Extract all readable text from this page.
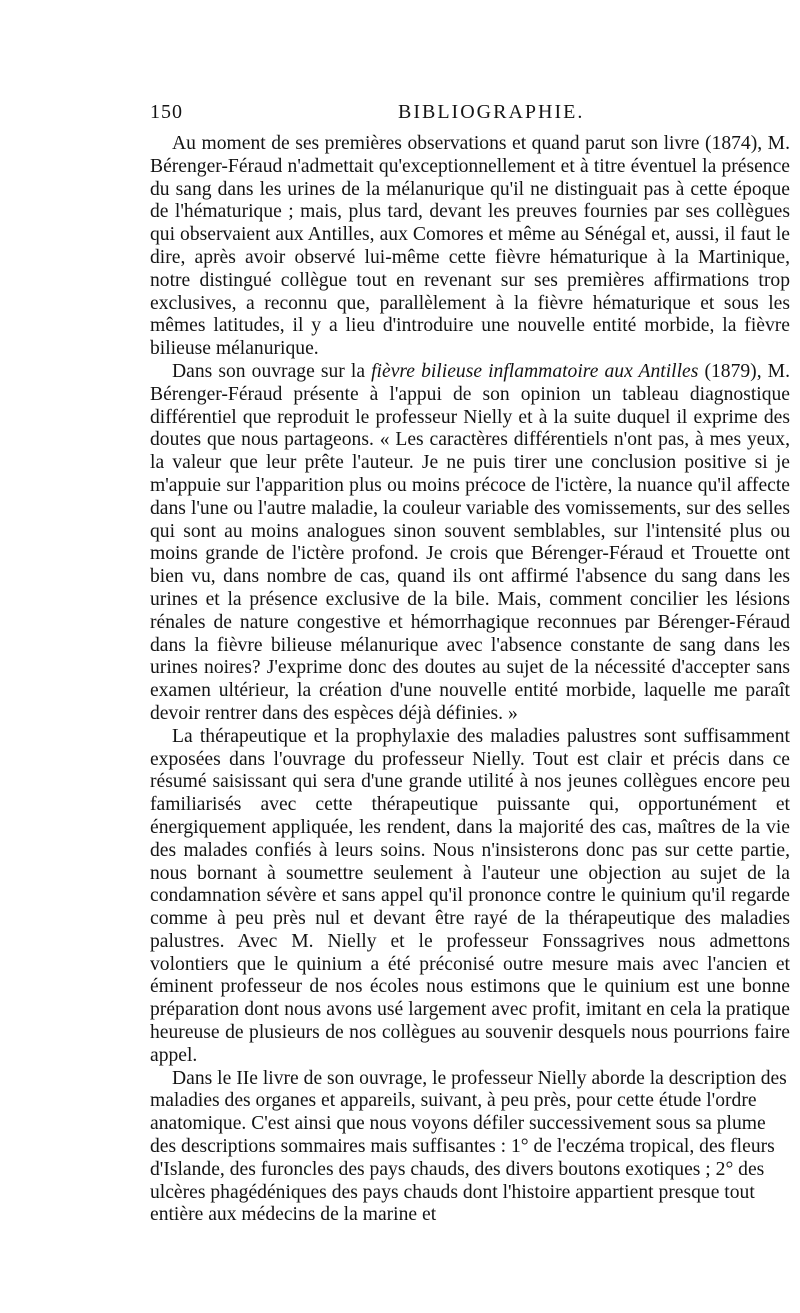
150	BIBLIOGRAPHIE.

Au moment de ses premières observations et quand parut son livre (1874), M. Bérenger-Féraud n'admettait qu'exceptionnellement et à titre éventuel la présence du sang dans les urines de la mélanurique qu'il ne distinguait pas à cette époque de l'hématurique ; mais, plus tard, devant les preuves fournies par ses collègues qui observaient aux Antilles, aux Comores et même au Sénégal et, aussi, il faut le dire, après avoir observé lui-même cette fièvre hématurique à la Martinique, notre distingué collègue tout en revenant sur ses premières affirmations trop exclusives, a reconnu que, parallèlement à la fièvre hématurique et sous les mêmes latitudes, il y a lieu d'introduire une nouvelle entité morbide, la fièvre bilieuse mélanurique.

Dans son ouvrage sur la fièvre bilieuse inflammatoire aux Antilles (1879), M. Bérenger-Féraud présente à l'appui de son opinion un tableau diagnostique différentiel que reproduit le professeur Nielly et à la suite duquel il exprime des doutes que nous partageons. « Les caractères différentiels n'ont pas, à mes yeux, la valeur que leur prête l'auteur. Je ne puis tirer une conclusion positive si je m'appuie sur l'apparition plus ou moins précoce de l'ictère, la nuance qu'il affecte dans l'une ou l'autre maladie, la couleur variable des vomissements, sur des selles qui sont au moins analogues sinon souvent semblables, sur l'intensité plus ou moins grande de l'ictère profond. Je crois que Bérenger-Féraud et Trouette ont bien vu, dans nombre de cas, quand ils ont affirmé l'absence du sang dans les urines et la présence exclusive de la bile. Mais, comment concilier les lésions rénales de nature congestive et hémorrhagique reconnues par Bérenger-Féraud dans la fièvre bilieuse mélanurique avec l'absence constante de sang dans les urines noires? J'exprime donc des doutes au sujet de la nécessité d'accepter sans examen ultérieur, la création d'une nouvelle entité morbide, laquelle me paraît devoir rentrer dans des espèces déjà définies. »

La thérapeutique et la prophylaxie des maladies palustres sont suffisamment exposées dans l'ouvrage du professeur Nielly. Tout est clair et précis dans ce résumé saisissant qui sera d'une grande utilité à nos jeunes collègues encore peu familiarisés avec cette thérapeutique puissante qui, opportunément et énergiquement appliquée, les rendent, dans la majorité des cas, maîtres de la vie des malades confiés à leurs soins. Nous n'insisterons donc pas sur cette partie, nous bornant à soumettre seulement à l'auteur une objection au sujet de la condamnation sévère et sans appel qu'il prononce contre le quinium qu'il regarde comme à peu près nul et devant être rayé de la thérapeutique des maladies palustres. Avec M. Nielly et le professeur Fonssagrives nous admettons volontiers que le quinium a été préconisé outre mesure mais avec l'ancien et éminent professeur de nos écoles nous estimons que le quinium est une bonne préparation dont nous avons usé largement avec profit, imitant en cela la pratique heureuse de plusieurs de nos collègues au souvenir desquels nous pourrions faire appel.

Dans le IIe livre de son ouvrage, le professeur Nielly aborde la description des maladies des organes et appareils, suivant, à peu près, pour cette étude l'ordre anatomique. C'est ainsi que nous voyons défiler successivement sous sa plume des descriptions sommaires mais suffisantes : 1° de l'eczéma tropical, des fleurs d'Islande, des furoncles des pays chauds, des divers boutons exotiques ; 2° des ulcères phagédéniques des pays chauds dont l'histoire appartient presque tout entière aux médecins de la marine et
